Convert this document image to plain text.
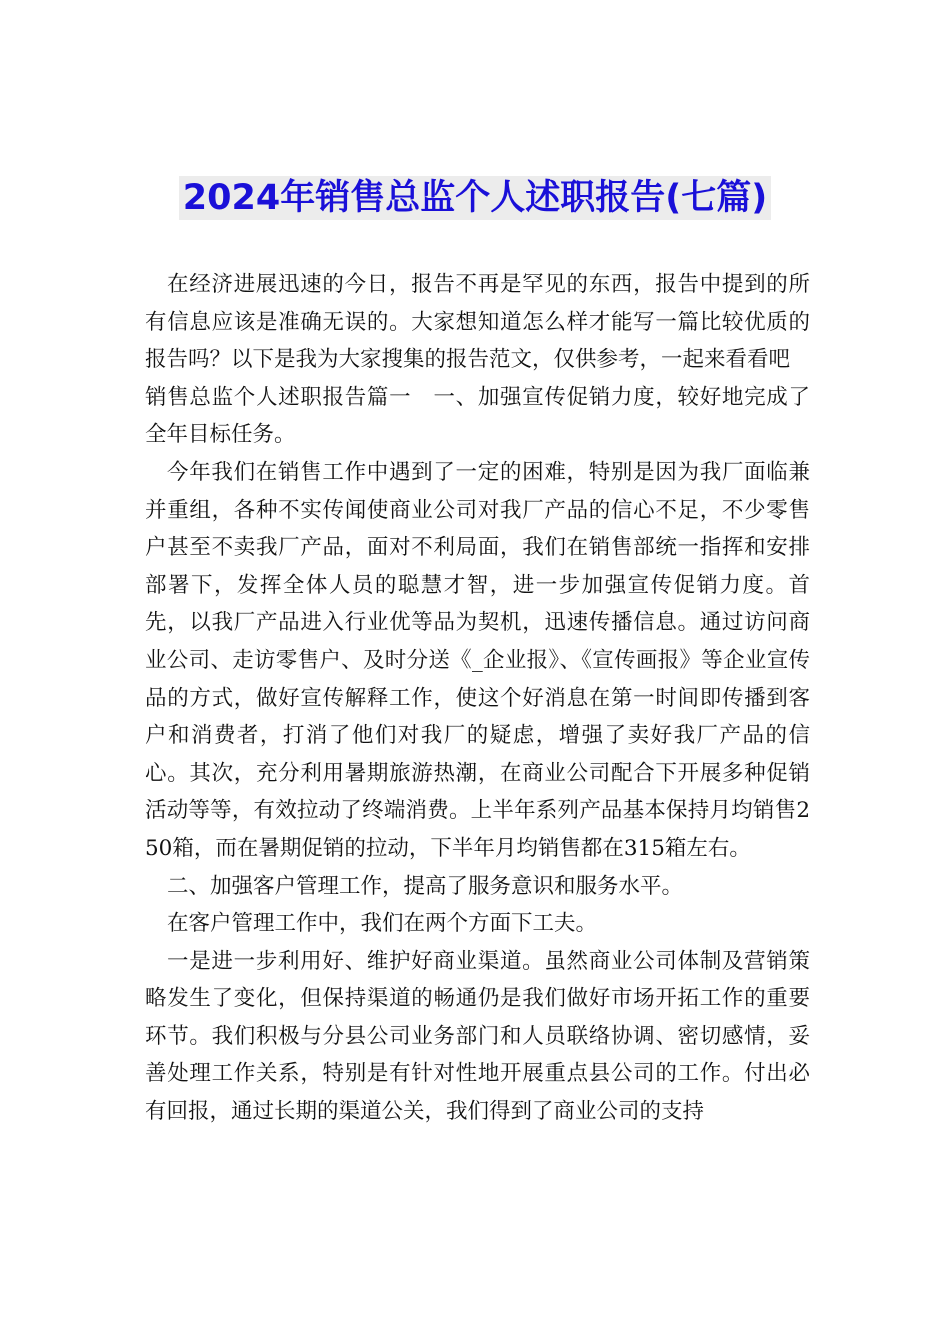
2024年销售总监个人述职报告(七篇)

在经济进展迅速的今日，报告不再是罕见的东西，报告中提到的所有信息应该是准确无误的。大家想知道怎么样才能写一篇比较优质的报告吗？以下是我为大家搜集的报告范文，仅供参考，一起来看看吧

销售总监个人述职报告篇一　一、加强宣传促销力度，较好地完成了全年目标任务。

今年我们在销售工作中遇到了一定的困难，特别是因为我厂面临兼并重组，各种不实传闻使商业公司对我厂产品的信心不足，不少零售户甚至不卖我厂产品，面对不利局面，我们在销售部统一指挥和安排部署下，发挥全体人员的聪慧才智，进一步加强宣传促销力度。首先，以我厂产品进入行业优等品为契机，迅速传播信息。通过访问商业公司、走访零售户、及时分送《_企业报》、《宣传画报》等企业宣传品的方式，做好宣传解释工作，使这个好消息在第一时间即传播到客户和消费者，打消了他们对我厂的疑虑，增强了卖好我厂产品的信心。其次，充分利用暑期旅游热潮，在商业公司配合下开展多种促销活动等等，有效拉动了终端消费。上半年系列产品基本保持月均销售250箱，而在暑期促销的拉动，下半年月均销售都在315箱左右。

二、加强客户管理工作，提高了服务意识和服务水平。

在客户管理工作中，我们在两个方面下工夫。

一是进一步利用好、维护好商业渠道。虽然商业公司体制及营销策略发生了变化，但保持渠道的畅通仍是我们做好市场开拓工作的重要环节。我们积极与分县公司业务部门和人员联络协调、密切感情，妥善处理工作关系，特别是有针对性地开展重点县公司的工作。付出必有回报，通过长期的渠道公关，我们得到了商业公司的支持
